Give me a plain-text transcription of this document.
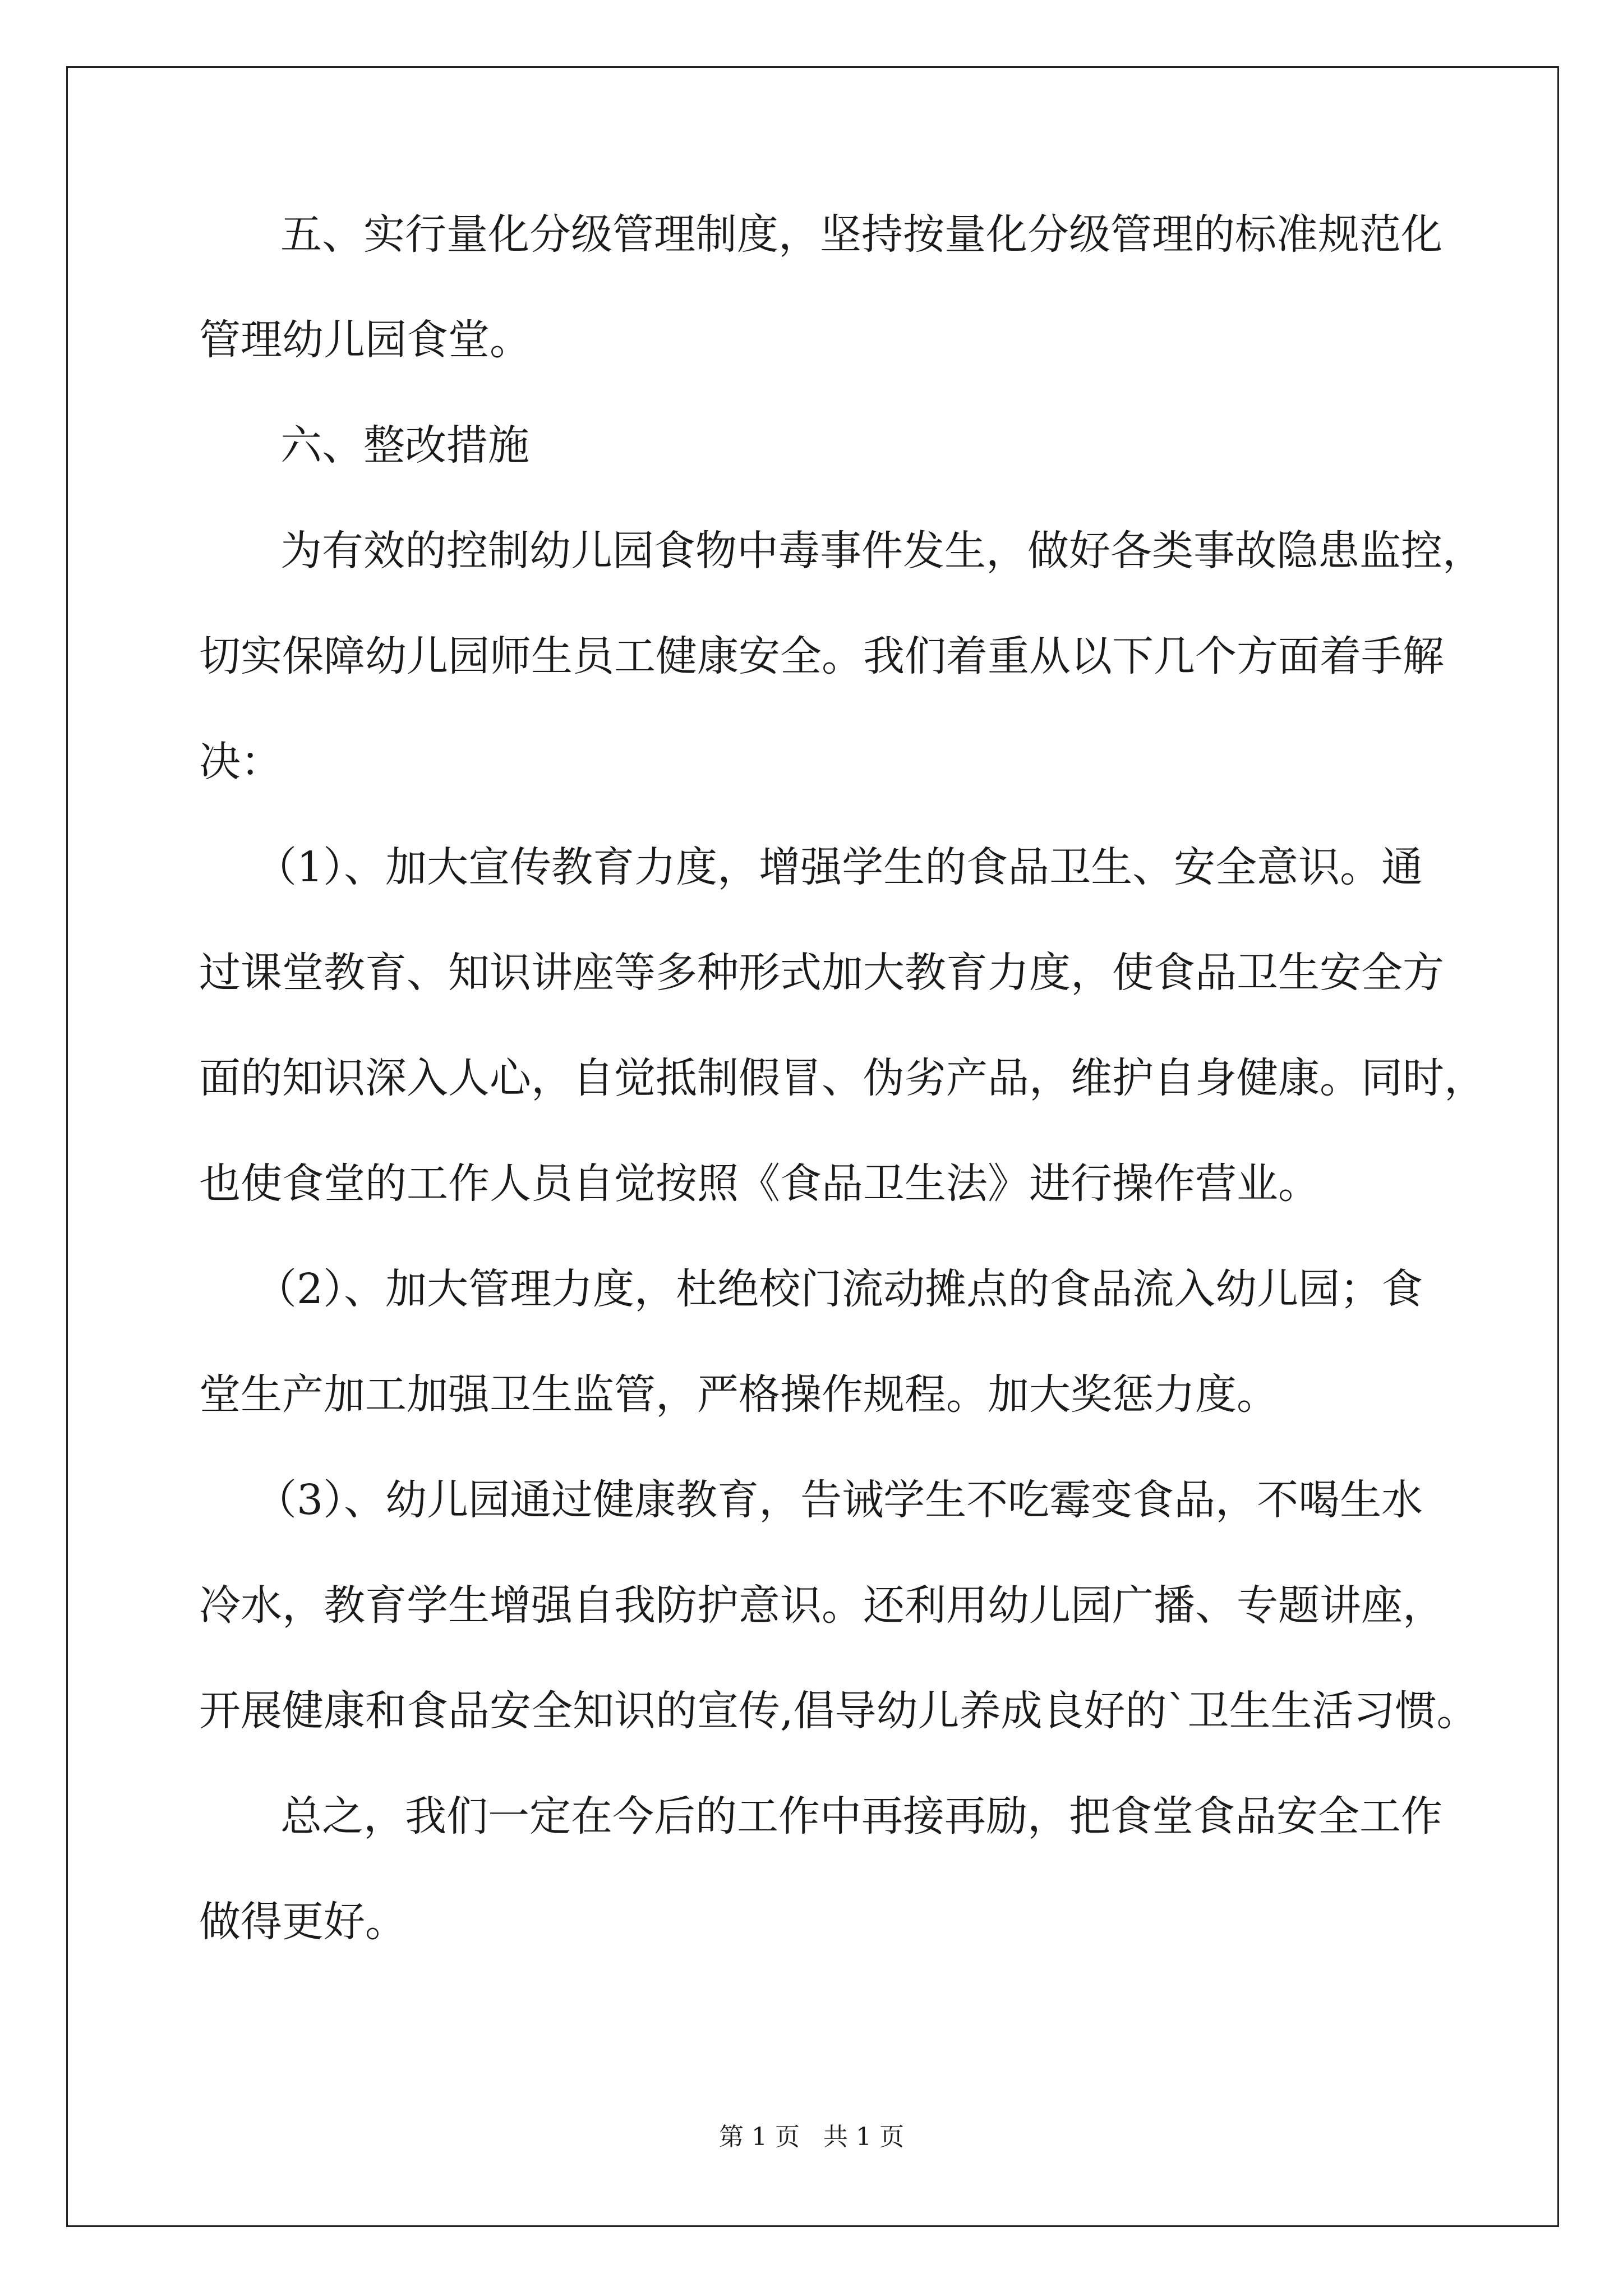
五、实行量化分级管理制度，坚持按量化分级管理的标准规范化
管理幼儿园食堂。
六、整改措施
为有效的控制幼儿园食物中毒事件发生，做好各类事故隐患监控，
切实保障幼儿园师生员工健康安全。我们着重从以下几个方面着手解
决：
（1）、加大宣传教育力度，增强学生的食品卫生、安全意识。通
过课堂教育、知识讲座等多种形式加大教育力度，使食品卫生安全方
面的知识深入人心，自觉抵制假冒、伪劣产品，维护自身健康。同时，
也使食堂的工作人员自觉按照《食品卫生法》进行操作营业。
（2）、加大管理力度，杜绝校门流动摊点的食品流入幼儿园；食
堂生产加工加强卫生监管，严格操作规程。加大奖惩力度。
（3）、幼儿园通过健康教育，告诫学生不吃霉变食品，不喝生水
冷水，教育学生增强自我防护意识。还利用幼儿园广播、专题讲座，
开展健康和食品安全知识的宣传,倡导幼儿养成良好的`卫生生活习惯。
总之，我们一定在今后的工作中再接再励，把食堂食品安全工作
做得更好。
第 1 页   共 1 页
